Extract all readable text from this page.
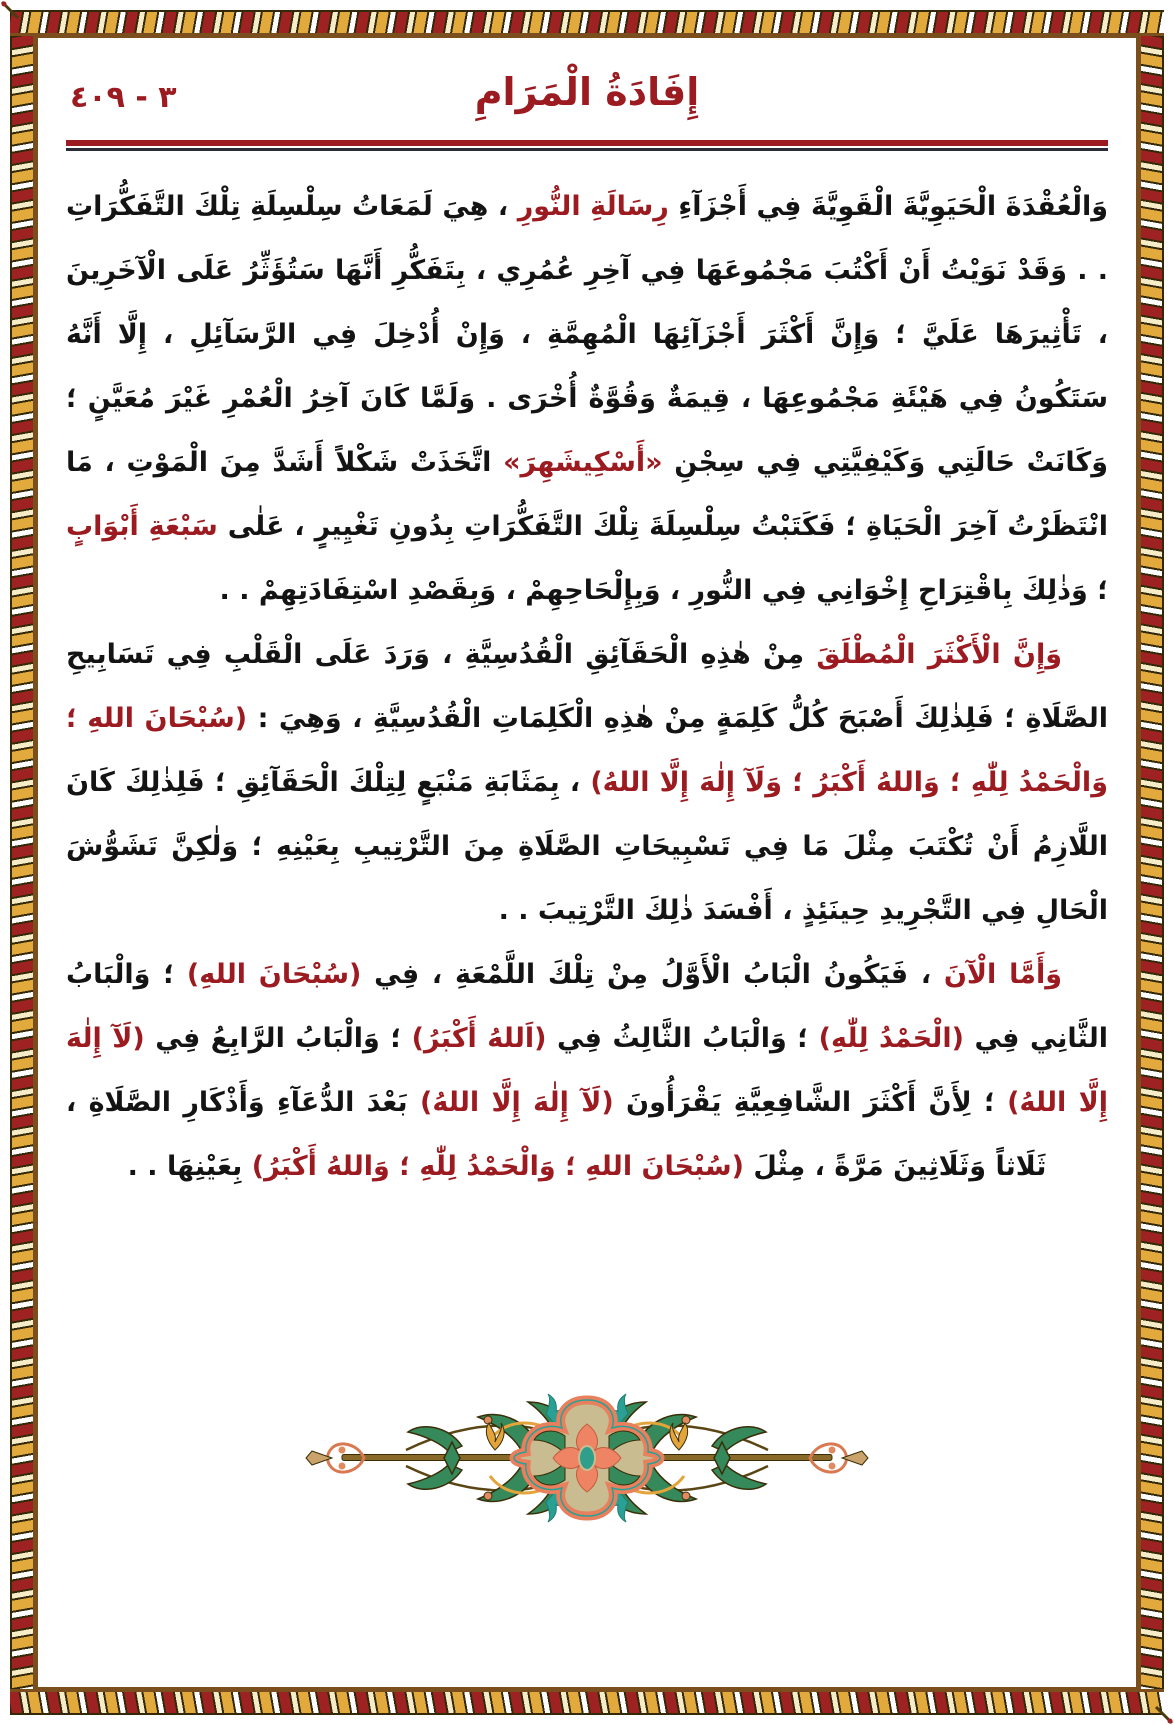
٣ - ٤٠٩	إِفَادَةُ الْمَرَامِ

وَالْعُقْدَةَ الْحَيَوِيَّةَ الْقَوِيَّةَ فِي أَجْزَآءِ رِسَالَةِ النُّورِ ، هِيَ لَمَعَاتُ سِلْسِلَةِ تِلْكَ التَّفَكُّرَاتِ . . وَقَدْ نَوَيْتُ أَنْ أَكْتُبَ مَجْمُوعَهَا فِي آخِرِ عُمُرِي ، بِتَفَكُّرِ أَنَّهَا سَتُؤَثِّرُ عَلَى الْآخَرِينَ ، تَأْثِيرَهَا عَلَيَّ ؛ وَإِنَّ أَكْثَرَ أَجْزَآئِهَا الْمُهِمَّةِ ، وَإِنْ أُدْخِلَ فِي الرَّسَآئِلِ ، إِلَّا أَنَّهُ سَتَكُونُ فِي هَيْئَةِ مَجْمُوعِهَا ، قِيمَةٌ وَقُوَّةٌ أُخْرَى . وَلَمَّا كَانَ آخِرُ الْعُمْرِ غَيْرَ مُعَيَّنٍ ؛ وَكَانَتْ حَالَتِي وَكَيْفِيَّتِي فِي سِجْنِ «أَسْكِيشَهِرَ» اتَّخَذَتْ شَكْلاً أَشَدَّ مِنَ الْمَوْتِ ، مَا انْتَظَرْتُ آخِرَ الْحَيَاةِ ؛ فَكَتَبْتُ سِلْسِلَةَ تِلْكَ التَّفَكُّرَاتِ بِدُونِ تَغْيِيرٍ ، عَلٰى سَبْعَةِ أَبْوَابٍ ؛ وَذٰلِكَ بِاقْتِرَاحِ إِخْوَانِي فِي النُّورِ ، وَبِإِلْحَاحِهِمْ ، وَبِقَصْدِ اسْتِفَادَتِهِمْ . .

وَإِنَّ الْأَكْثَرَ الْمُطْلَقَ مِنْ هٰذِهِ الْحَقَآئِقِ الْقُدُسِيَّةِ ، وَرَدَ عَلَى الْقَلْبِ فِي تَسَابِيحِ الصَّلَاةِ ؛ فَلِذٰلِكَ أَصْبَحَ كُلُّ كَلِمَةٍ مِنْ هٰذِهِ الْكَلِمَاتِ الْقُدُسِيَّةِ ، وَهِيَ : (سُبْحَانَ اللهِ ؛ وَالْحَمْدُ لِلّٰهِ ؛ وَاللهُ أَكْبَرُ ؛ وَلَآ إِلٰهَ إِلَّا اللهُ) ، بِمَثَابَةِ مَنْبَعٍ لِتِلْكَ الْحَقَآئِقِ ؛ فَلِذٰلِكَ كَانَ اللَّازِمُ أَنْ تُكْتَبَ مِثْلَ مَا فِي تَسْبِيحَاتِ الصَّلَاةِ مِنَ التَّرْتِيبِ بِعَيْنِهِ ؛ وَلٰكِنَّ تَشَوُّشَ الْحَالِ فِي التَّجْرِيدِ حِينَئِذٍ ، أَفْسَدَ ذٰلِكَ التَّرْتِيبَ . .

وَأَمَّا الْآنَ ، فَيَكُونُ الْبَابُ الْأَوَّلُ مِنْ تِلْكَ اللَّمْعَةِ ، فِي (سُبْحَانَ اللهِ) ؛ وَالْبَابُ الثَّانِي فِي (الْحَمْدُ لِلّٰهِ) ؛ وَالْبَابُ الثَّالِثُ فِي (اَللهُ أَكْبَرُ) ؛ وَالْبَابُ الرَّابِعُ فِي (لَآ إِلٰهَ إِلَّا اللهُ) ؛ لِأَنَّ أَكْثَرَ الشَّافِعِيَّةِ يَقْرَأُونَ (لَآ إِلٰهَ إِلَّا اللهُ) بَعْدَ الدُّعَآءِ وَأَذْكَارِ الصَّلَاةِ ، ثَلَاثاً وَثَلَاثِينَ مَرَّةً ، مِثْلَ (سُبْحَانَ اللهِ ؛ وَالْحَمْدُ لِلّٰهِ ؛ وَاللهُ أَكْبَرُ) بِعَيْنِهَا . .
